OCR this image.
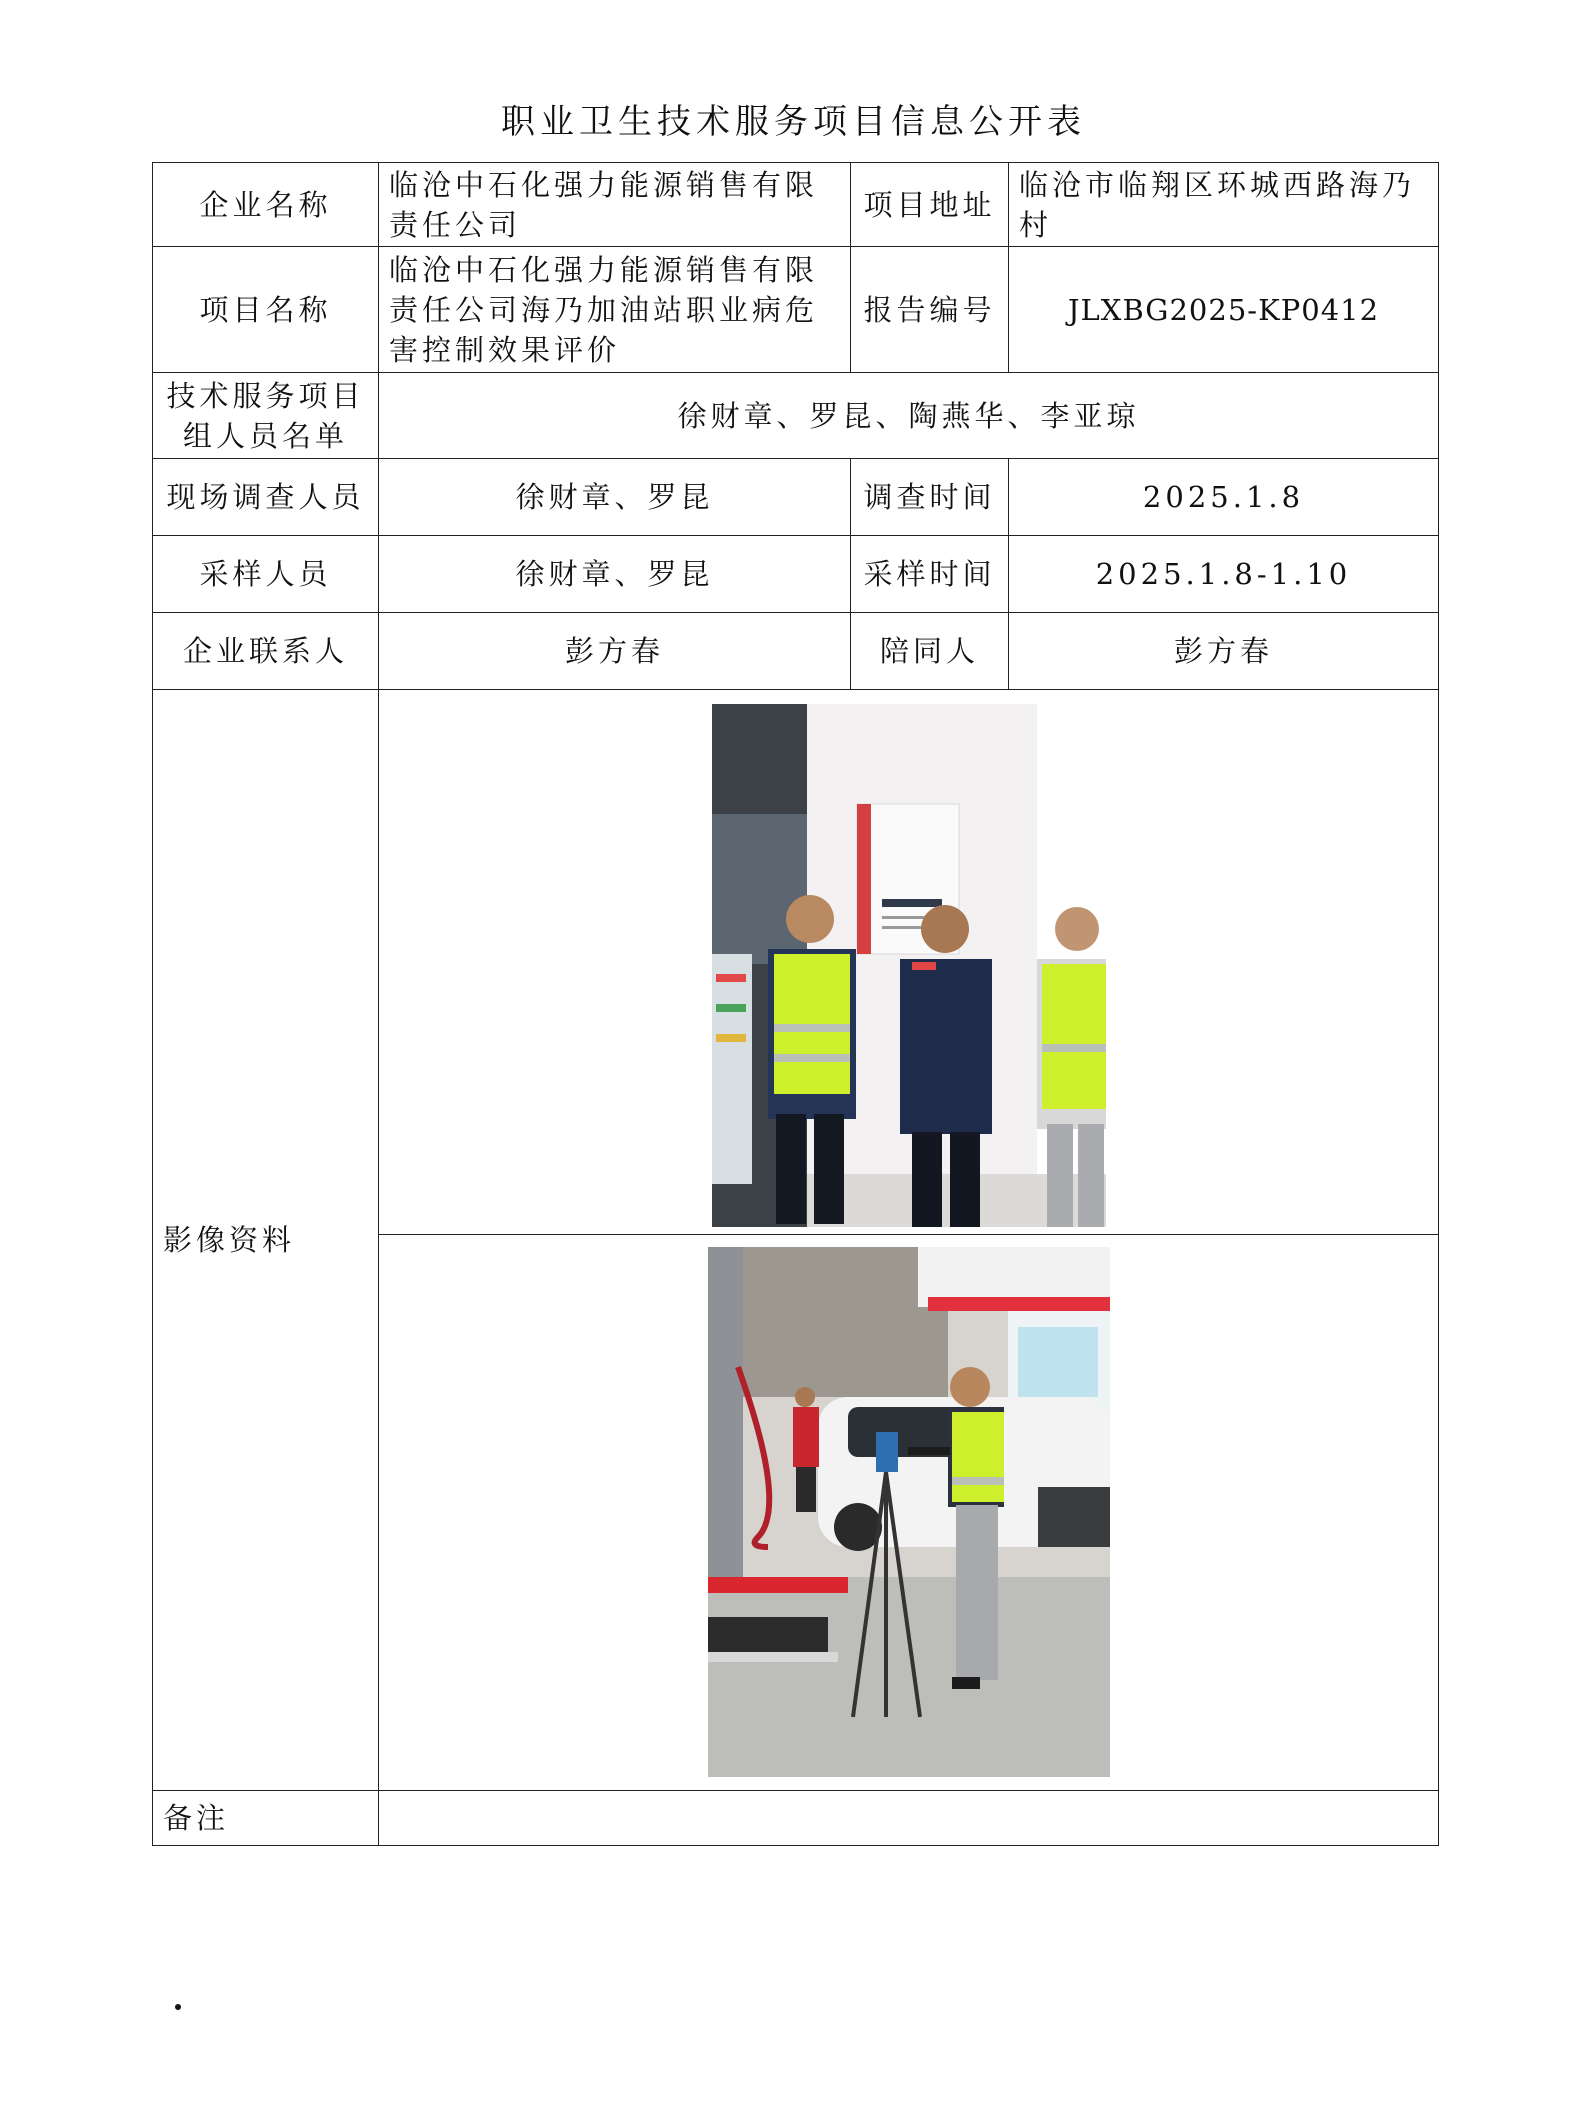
职业卫生技术服务项目信息公开表
企业名称	临沧中石化强力能源销售有限责任公司	项目地址	临沧市临翔区环城西路海乃村
项目名称	临沧中石化强力能源销售有限责任公司海乃加油站职业病危害控制效果评价	报告编号	JLXBG2025-KP0412
技术服务项目组人员名单	徐财章、罗昆、陶燕华、李亚琼		
现场调查人员	徐财章、罗昆	调查时间	2025.1.8
采样人员	徐财章、罗昆	采样时间	2025.1.8-1.10
企业联系人	彭方春	陪同人	彭方春
影像资料	

备注			
